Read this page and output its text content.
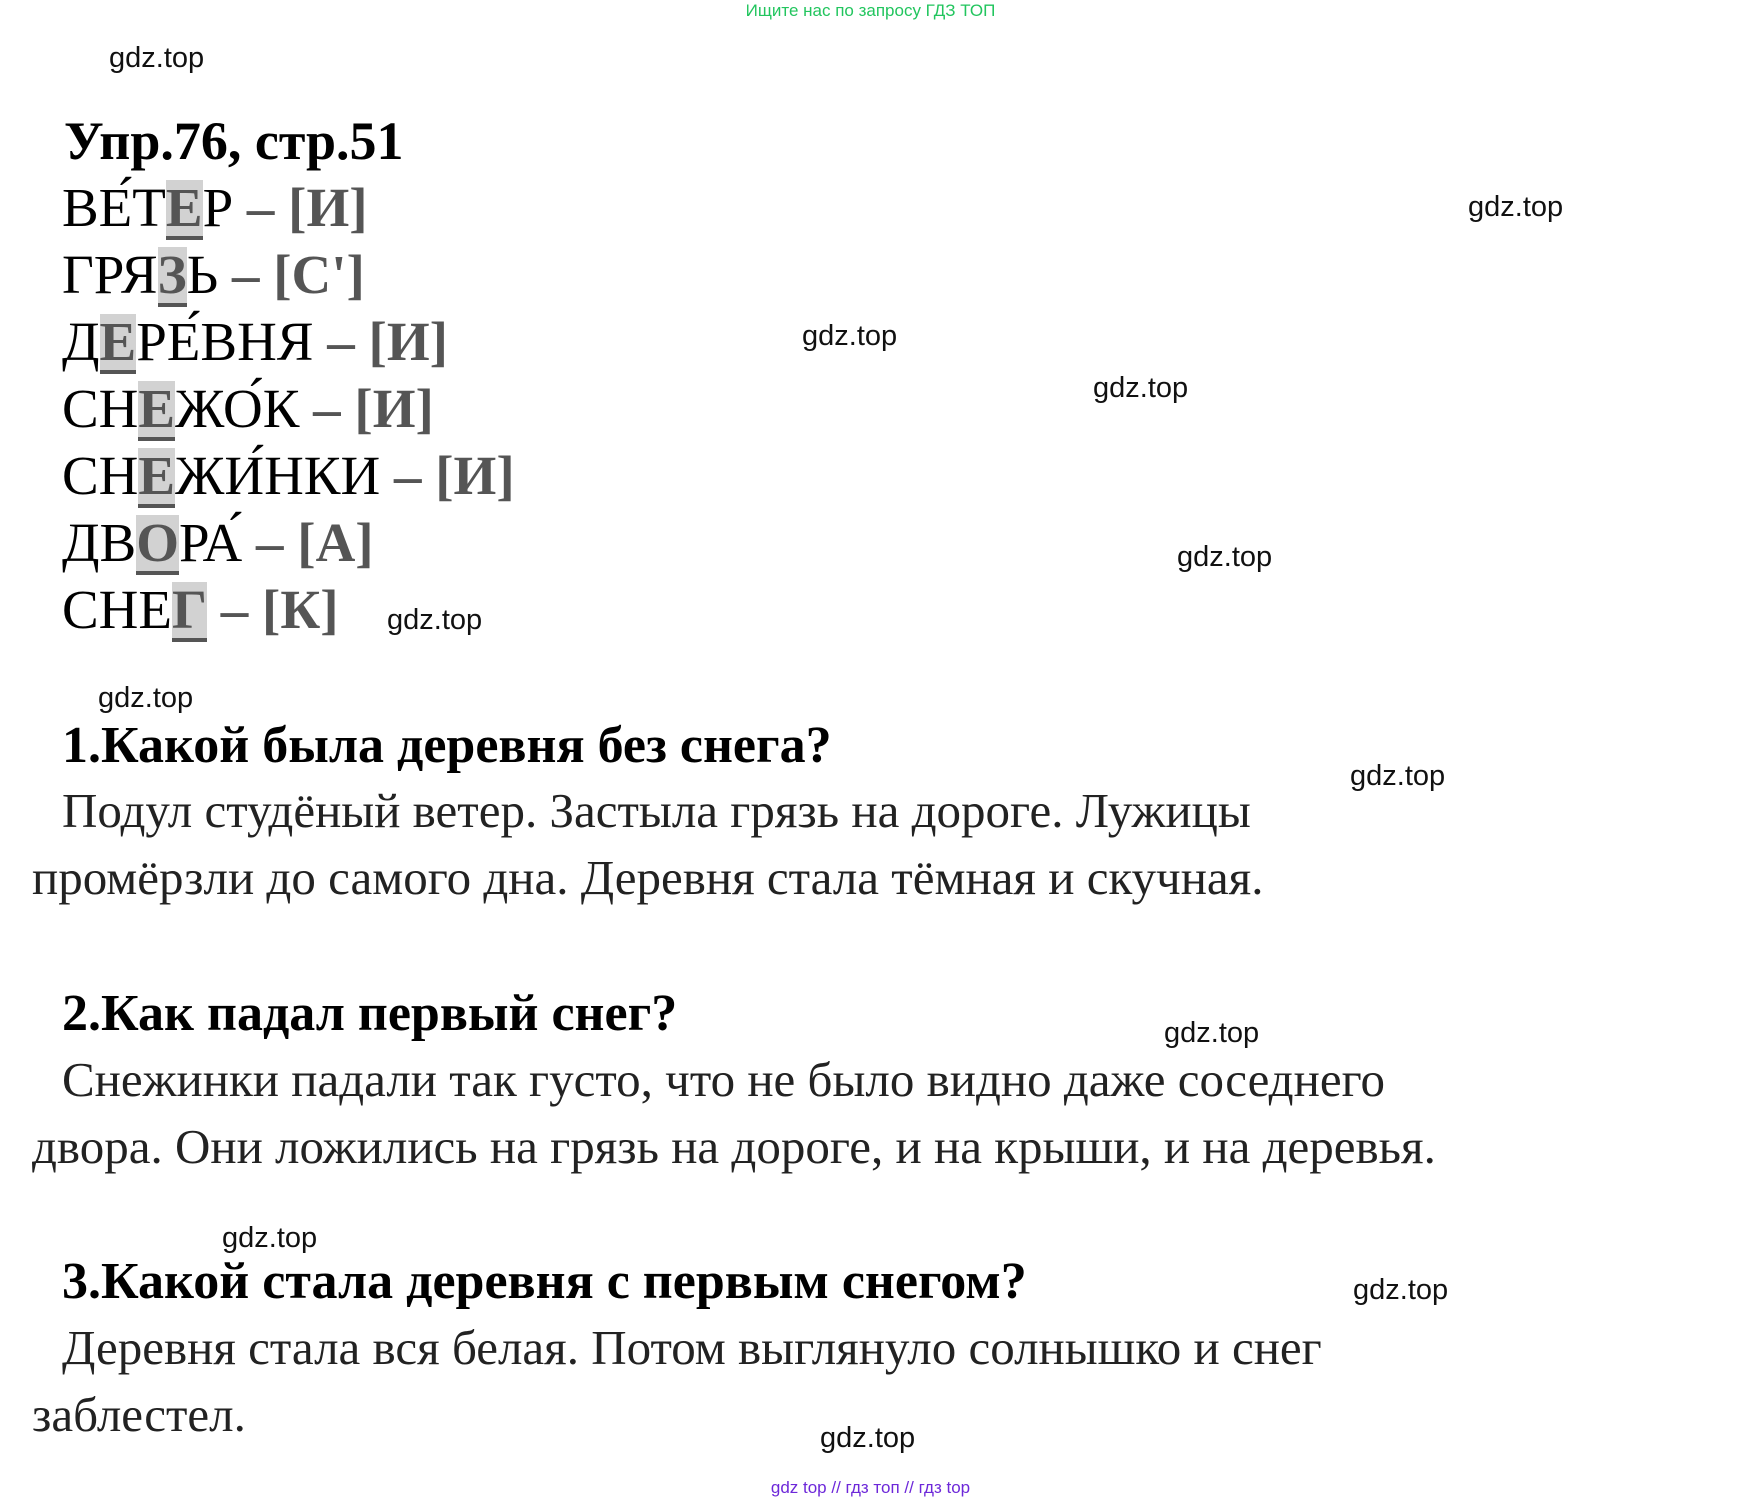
Ищите нас по запросу ГДЗ ТОП
gdz.top
gdz.top
gdz.top
gdz.top
gdz.top
gdz.top
gdz.top
gdz.top
gdz.top
gdz.top
gdz.top
gdz.top
Упр.76, стр.51
ВЕ́ТЕР – [И]
ГРЯЗЬ – [С']
ДЕРЕ́ВНЯ – [И]
СНЕЖО́К – [И]
СНЕЖИ́НКИ – [И]
ДВОРА́ – [А]
СНЕГ – [К]
1.Какой была деревня без снега?
Подул студёный ветер. Застыла грязь на дороге. Лужицы
промёрзли до самого дна. Деревня стала тёмная и скучная.
2.Как падал первый снег?
Снежинки падали так густо, что не было видно даже соседнего
двора. Они ложились на грязь на дороге, и на крыши, и на деревья.
3.Какой стала деревня с первым снегом?
Деревня стала вся белая. Потом выглянуло солнышко и снег
заблестел.
gdz top // гдз топ // гдз top
